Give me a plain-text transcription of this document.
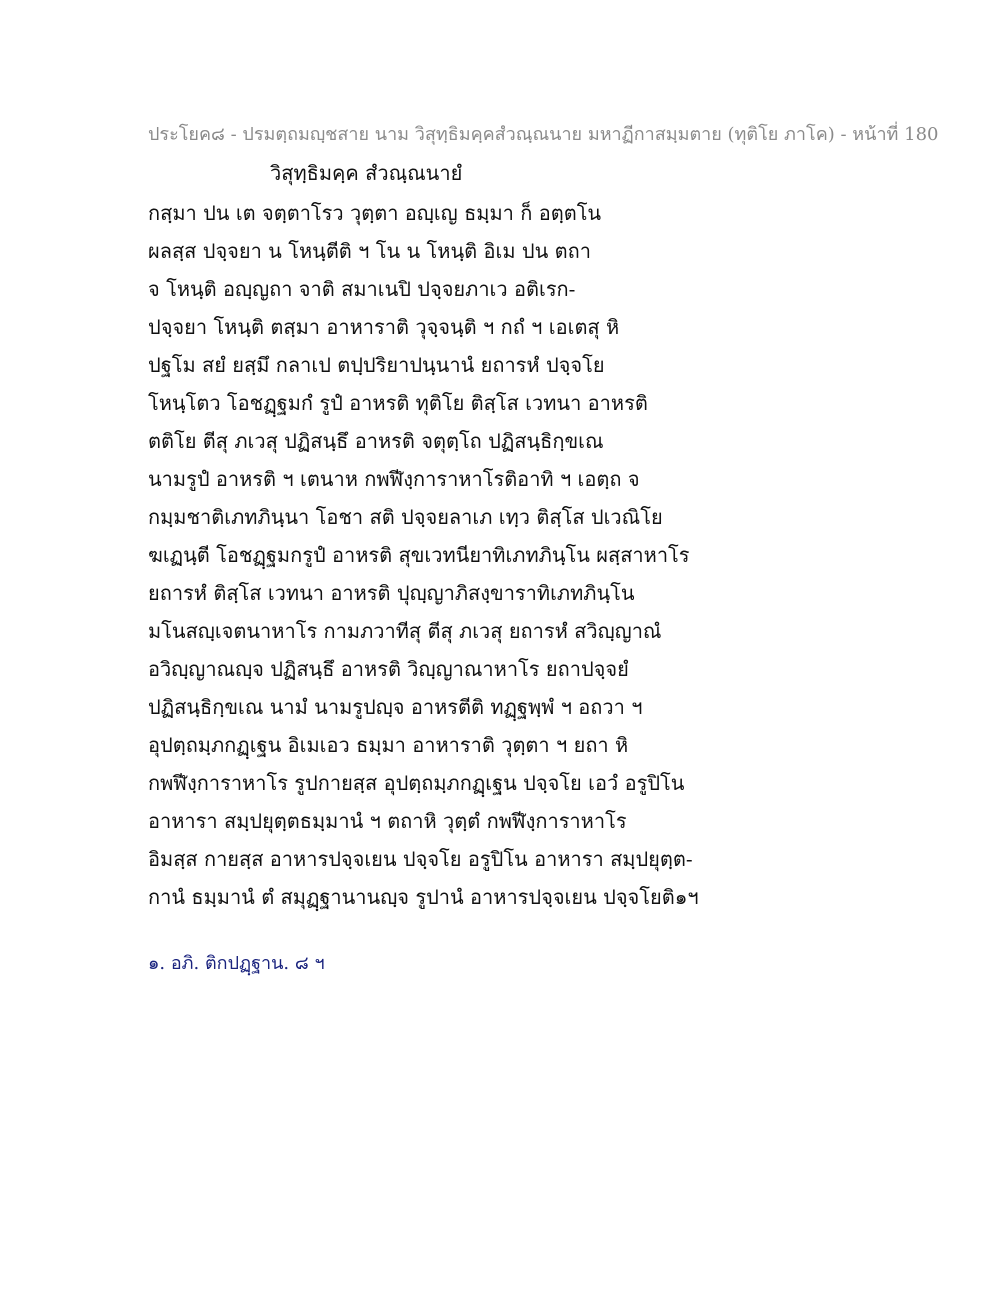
ประโยค๘ - ปรมตฺถมญฺชสาย นาม วิสุทฺธิมคฺคสํวณฺณนาย มหาฏีกาสมฺมตาย (ทุติโย ภาโค) - หน้าที่ 180
วิสุทฺธิมคฺค สํวณฺณนายํ
กสฺมา ปน เต จตฺตาโรว วุตฺตา อญฺเญ ธมฺมา ก็ อตฺตโน
ผลสฺส ปจฺจยา น โหนฺตีติ ฯ โน น โหนฺติ อิเม ปน ตถา
จ โหนฺติ อญฺญถา จาติ สมาเนปิ ปจฺจยภาเว อติเรก-
ปจฺจยา โหนฺติ ตสฺมา อาหาราติ วุจฺจนฺติ ฯ กถํ ฯ เอเตสุ หิ
ปฐโม สยํ ยสฺมึ กลาเป ตปฺปริยาปนฺนานํ ยถารหํ ปจฺจโย
โหนฺโตว โอชฏฺฐมกํ รูปํ อาหรติ ทุติโย ติสฺโส เวทนา อาหรติ
ตติโย ตีสุ ภเวสุ ปฏิสนฺธึ อาหรติ จตุตฺโถ ปฏิสนฺธิกฺขเณ
นามรูปํ อาหรติ ฯ เตนาห กพฬีงฺการาหาโรติอาทิ ฯ เอตฺถ จ
กมฺมชาติเภทภินฺนา โอชา สติ ปจฺจยลาเภ เทฺว ติสฺโส ปเวณิโย
ฆเฏนฺตี โอชฏฺฐมกรูปํ อาหรติ สุขเวทนียาทิเภทภินฺโน ผสฺสาหาโร
ยถารหํ ติสฺโส เวทนา อาหรติ ปุญฺญาภิสงฺขาราทิเภทภินฺโน
มโนสญฺเจตนาหาโร กามภวาทีสุ ตีสุ ภเวสุ ยถารหํ สวิญฺญาณํ
อวิญฺญาณญฺจ ปฏิสนฺธึ อาหรติ วิญฺญาณาหาโร ยถาปจฺจยํ
ปฏิสนฺธิกฺขเณ นามํ นามรูปญฺจ อาหรตีติ ทฏฺฐพฺพํ ฯ อถวา ฯ
อุปตฺถมฺภกฏฺเฐน อิเมเอว ธมฺมา อาหาราติ วุตฺตา ฯ ยถา หิ
กพฬีงฺการาหาโร รูปกายสฺส อุปตฺถมฺภกฏฺเฐน ปจฺจโย เอวํ อรูปิโน
อาหารา สมฺปยุตฺตธมฺมานํ ฯ ตถาหิ วุตฺตํ กพฬีงฺการาหาโร
อิมสฺส กายสฺส อาหารปจฺจเยน ปจฺจโย อรูปิโน อาหารา สมฺปยุตฺต-
กานํ ธมฺมานํ ตํ สมุฏฺฐานานญฺจ รูปานํ อาหารปจฺจเยน ปจฺจโยติ๑ฯ
๑. อภิ. ติกปฏฺฐาน. ๘ ฯ
